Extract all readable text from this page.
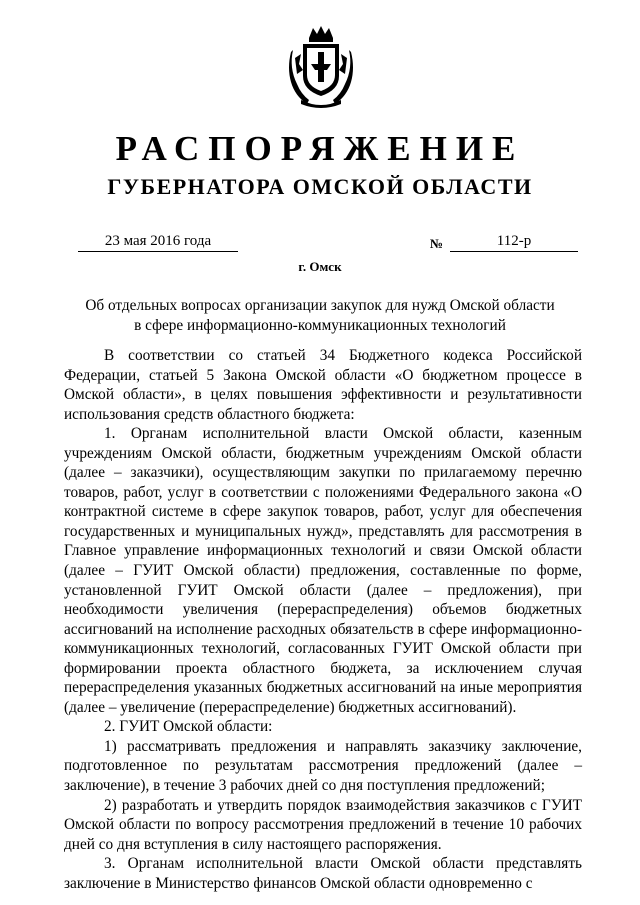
РАСПОРЯЖЕНИЕ
ГУБЕРНАТОРА ОМСКОЙ ОБЛАСТИ
23 мая 2016 года	№	112-р
г. Омск
Об отдельных вопросах организации закупок для нужд Омской области
в сфере информационно-коммуникационных технологий

В соответствии со статьей 34 Бюджетного кодекса Российской Федерации, статьей 5 Закона Омской области «О бюджетном процессе в Омской области», в целях повышения эффективности и результативности использования средств областного бюджета:

1. Органам исполнительной власти Омской области, казенным учреждениям Омской области, бюджетным учреждениям Омской области (далее – заказчики), осуществляющим закупки по прилагаемому перечню товаров, работ, услуг в соответствии с положениями Федерального закона «О контрактной системе в сфере закупок товаров, работ, услуг для обеспечения государственных и муниципальных нужд», представлять для рассмотрения в Главное управление информационных технологий и связи Омской области (далее – ГУИТ Омской области) предложения, составленные по форме, установленной ГУИТ Омской области (далее – предложения), при необходимости увеличения (перераспределения) объемов бюджетных ассигнований на исполнение расходных обязательств в сфере информационно-коммуникационных технологий, согласованных ГУИТ Омской области при формировании проекта областного бюджета, за исключением случая перераспределения указанных бюджетных ассигнований на иные мероприятия (далее – увеличение (перераспределение) бюджетных ассигнований).

2. ГУИТ Омской области:

1) рассматривать предложения и направлять заказчику заключение, подготовленное по результатам рассмотрения предложений (далее – заключение), в течение 3 рабочих дней со дня поступления предложений;

2) разработать и утвердить порядок взаимодействия заказчиков с ГУИТ Омской области по вопросу рассмотрения предложений в течение 10 рабочих дней со дня вступления в силу настоящего распоряжения.

3. Органам исполнительной власти Омской области представлять заключение в Министерство финансов Омской области одновременно с
